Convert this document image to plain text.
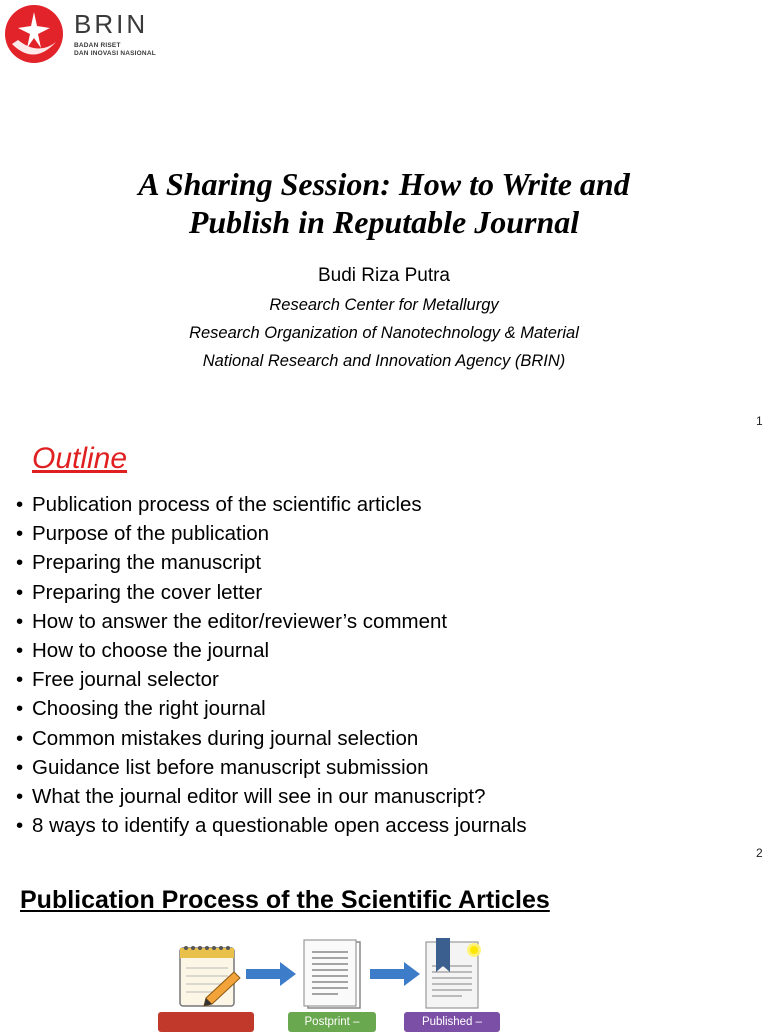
BRIN
BADAN RISET
DAN INOVASI NASIONAL
A Sharing Session: How to Write and
Publish in Reputable Journal
Budi Riza Putra
Research Center for Metallurgy
Research Organization of Nanotechnology & Material
National Research and Innovation Agency (BRIN)
1
Outline
• Publication process of the scientific articles
• Purpose of the publication
• Preparing the manuscript
• Preparing the cover letter
• How to answer the editor/reviewer’s comment
• How to choose the journal
• Free journal selector
• Choosing the right journal
• Common mistakes during journal selection
• Guidance list before manuscript submission
• What the journal editor will see in our manuscript?
• 8 ways to identify a questionable open access journals
2
Publication Process of the Scientific Articles
Postprint –	Published –
